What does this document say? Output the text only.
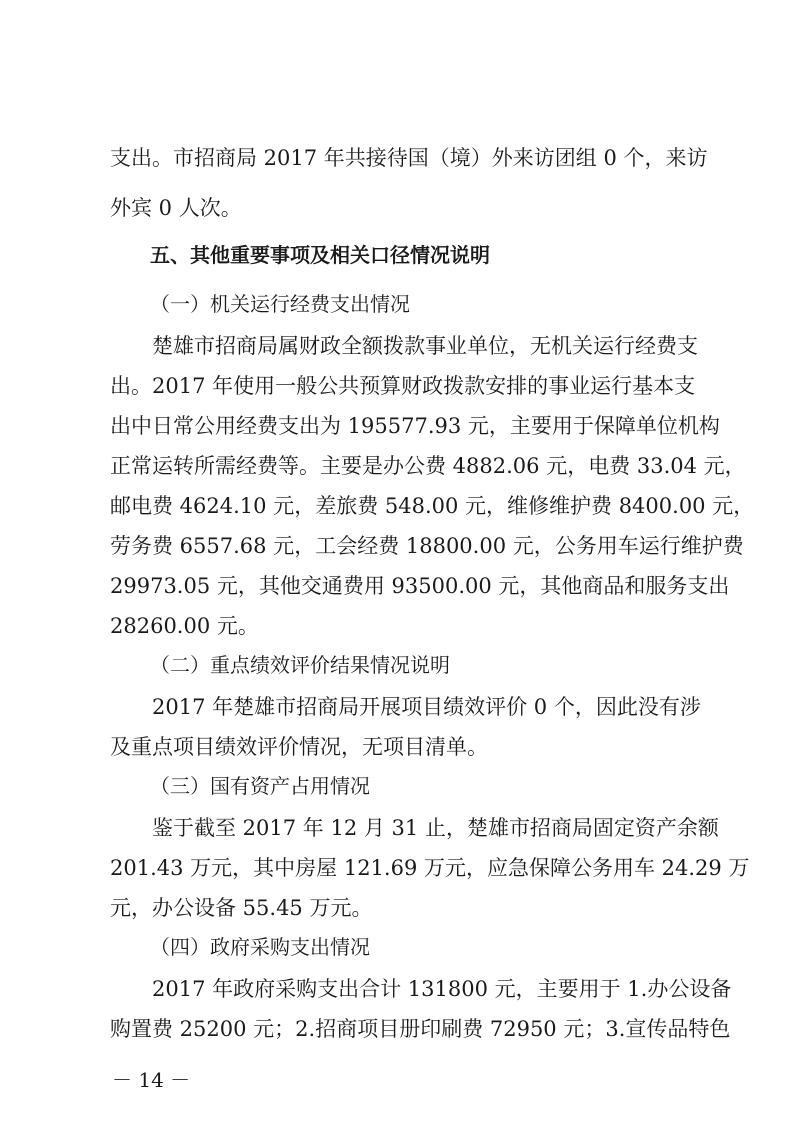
支出。市招商局 2017 年共接待国（境）外来访团组 0 个，来访
外宾 0 人次。
五、其他重要事项及相关口径情况说明
（一）机关运行经费支出情况
楚雄市招商局属财政全额拨款事业单位，无机关运行经费支
出。2017 年使用一般公共预算财政拨款安排的事业运行基本支
出中日常公用经费支出为 195577.93 元，主要用于保障单位机构
正常运转所需经费等。主要是办公费 4882.06 元，电费 33.04 元，
邮电费 4624.10 元，差旅费 548.00 元，维修维护费 8400.00 元，
劳务费 6557.68 元，工会经费 18800.00 元，公务用车运行维护费
29973.05 元，其他交通费用 93500.00 元，其他商品和服务支出
28260.00 元。
（二）重点绩效评价结果情况说明
2017 年楚雄市招商局开展项目绩效评价 0 个，因此没有涉
及重点项目绩效评价情况，无项目清单。
（三）国有资产占用情况
鉴于截至 2017 年 12 月 31 止，楚雄市招商局固定资产余额
201.43 万元，其中房屋 121.69 万元，应急保障公务用车 24.29 万
元，办公设备 55.45 万元。
（四）政府采购支出情况
2017 年政府采购支出合计 131800 元，主要用于 1.办公设备
购置费 25200 元；2.招商项目册印刷费 72950 元；3.宣传品特色
－ 14 －
